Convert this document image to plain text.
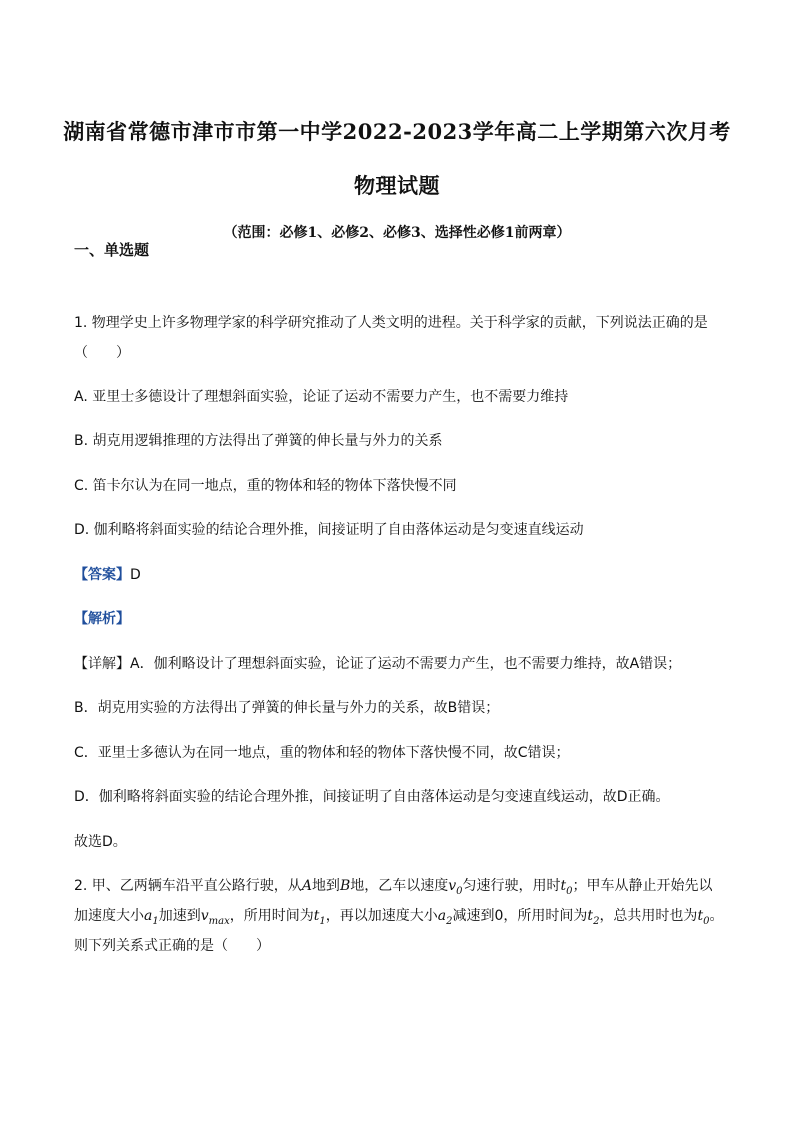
湖南省常德市津市市第一中学2022-2023学年高二上学期第六次月考
物理试题
（范围：必修1、必修2、必修3、选择性必修1前两章）
一、单选题
1. 物理学史上许多物理学家的科学研究推动了人类文明的进程。关于科学家的贡献，下列说法正确的是
（　　）
A. 亚里士多德设计了理想斜面实验，论证了运动不需要力产生，也不需要力维持
B. 胡克用逻辑推理的方法得出了弹簧的伸长量与外力的关系
C. 笛卡尔认为在同一地点，重的物体和轻的物体下落快慢不同
D. 伽利略将斜面实验的结论合理外推，间接证明了自由落体运动是匀变速直线运动
【答案】D
【解析】
【详解】A．伽利略设计了理想斜面实验，论证了运动不需要力产生，也不需要力维持，故A错误；
B．胡克用实验的方法得出了弹簧的伸长量与外力的关系，故B错误；
C．亚里士多德认为在同一地点，重的物体和轻的物体下落快慢不同，故C错误；
D．伽利略将斜面实验的结论合理外推，间接证明了自由落体运动是匀变速直线运动，故D正确。
故选D。
2. 甲、乙两辆车沿平直公路行驶，从A地到B地，乙车以速度$v_0$匀速行驶，用时$t_0$；甲车从静止开始先以
加速度大小$a_1$加速到$v_{max}$，所用时间为$t_1$，再以加速度大小$a_2$减速到0，所用时间为$t_2$，总共用时也为$t_0$。
则下列关系式正确的是（　　）
